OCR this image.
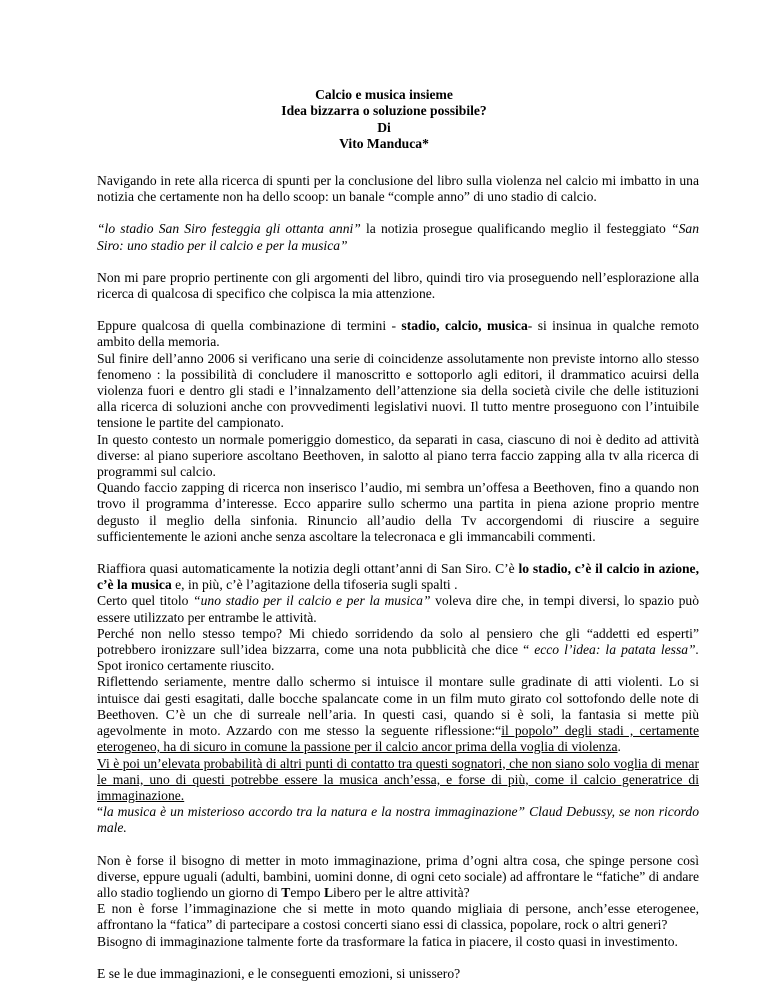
Calcio e musica insieme
Idea bizzarra o soluzione possibile?
Di
Vito Manduca*

Navigando in rete alla ricerca di spunti per la conclusione del libro sulla violenza nel calcio mi imbatto in una notizia che certamente non ha dello scoop: un banale “comple anno” di uno stadio di calcio.

“lo stadio San Siro festeggia gli ottanta anni” la notizia prosegue qualificando meglio il festeggiato “San Siro: uno stadio per il calcio e per la musica”

Non mi pare proprio pertinente con gli argomenti del libro, quindi tiro via proseguendo nell’esplorazione alla ricerca di qualcosa di specifico che colpisca la mia attenzione.

Eppure qualcosa di quella combinazione di termini - stadio, calcio, musica- si insinua in qualche remoto ambito della memoria.

Sul finire dell’anno 2006 si verificano una serie di coincidenze assolutamente non previste intorno allo stesso fenomeno : la possibilità di concludere il manoscritto e sottoporlo agli editori, il drammatico acuirsi della violenza fuori e dentro gli stadi e l’innalzamento dell’attenzione sia della società civile che delle istituzioni alla ricerca di soluzioni anche con provvedimenti legislativi nuovi. Il tutto mentre proseguono con l’intuibile tensione le partite del campionato.

In questo contesto un normale pomeriggio domestico, da separati in casa, ciascuno di noi è dedito ad attività diverse: al piano superiore ascoltano Beethoven, in salotto al piano terra faccio zapping alla tv alla ricerca di programmi sul calcio.

Quando faccio zapping di ricerca non inserisco l’audio, mi sembra un’offesa a Beethoven, fino a quando non trovo il programma d’interesse. Ecco apparire sullo schermo una partita in piena azione proprio mentre degusto il meglio della sinfonia. Rinuncio all’audio della Tv accorgendomi di riuscire a seguire sufficientemente le azioni anche senza ascoltare la telecronaca e gli immancabili commenti.

Riaffiora quasi automaticamente la notizia degli ottant’anni di San Siro. C’è lo stadio, c’è il calcio in azione, c’è la musica e, in più, c’è l’agitazione della tifoseria sugli spalti .

Certo quel titolo “uno stadio per il calcio e per la musica” voleva dire che, in tempi diversi, lo spazio può essere utilizzato per entrambe le attività.

Perché non nello stesso tempo? Mi chiedo sorridendo da solo al pensiero che gli “addetti ed esperti” potrebbero ironizzare sull’idea bizzarra, come una nota pubblicità che dice “ ecco l’idea: la patata lessa”. Spot ironico certamente riuscito.

Riflettendo seriamente, mentre dallo schermo si intuisce il montare sulle gradinate di atti violenti. Lo si intuisce dai gesti esagitati, dalle bocche spalancate come in un film muto girato col sottofondo delle note di Beethoven. C’è un che di surreale nell’aria. In questi casi, quando si è soli, la fantasia si mette più agevolmente in moto. Azzardo con me stesso la seguente riflessione:“il popolo” degli stadi , certamente eterogeneo, ha di sicuro in comune la passione per il calcio ancor prima della voglia di violenza.

Vi è poi un’elevata probabilità di altri punti di contatto tra questi sognatori, che non siano solo voglia di menar le mani, uno di questi potrebbe essere la musica anch’essa, e forse di più, come il calcio generatrice di immaginazione.

“la musica è un misterioso accordo tra la natura e la nostra immaginazione” Claud Debussy, se non ricordo male.

Non è forse il bisogno di metter in moto immaginazione, prima d’ogni altra cosa, che spinge persone così diverse, eppure uguali (adulti, bambini, uomini donne, di ogni ceto sociale) ad affrontare le “fatiche” di andare allo stadio togliendo un giorno di Tempo Libero per le altre attività?

E non è forse l’immaginazione che si mette in moto quando migliaia di persone, anch’esse eterogenee, affrontano la “fatica” di partecipare a costosi concerti siano essi di classica, popolare, rock o altri generi?

Bisogno di immaginazione talmente forte da trasformare la fatica in piacere, il costo quasi in investimento.

E se le due immaginazioni, e le conseguenti emozioni, si unissero?
